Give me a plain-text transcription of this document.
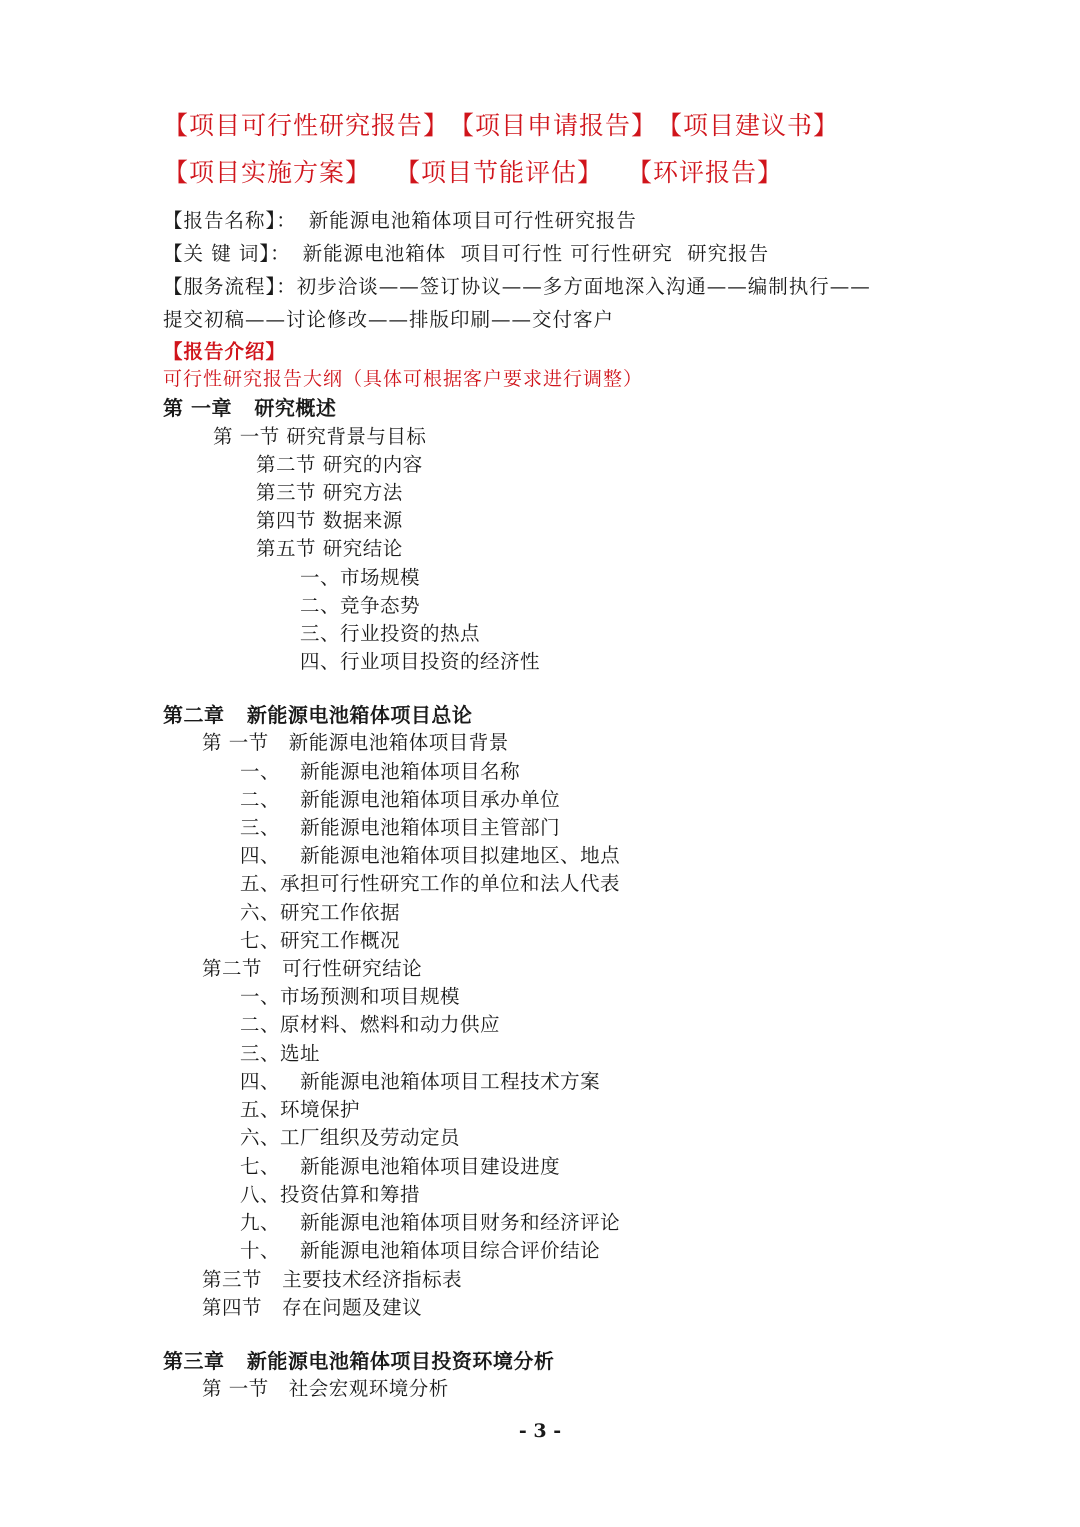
【项目可行性研究报告】【项目申请报告】【项目建议书】
【项目实施方案】 【项目节能评估】 【环评报告】
【报告名称】： 新能源电池箱体项目可行性研究报告
【关 键 词】： 新能源电池箱体  项目可行性 可行性研究  研究报告
【服务流程】：初步洽谈——签订协议——多方面地深入沟通——编制执行——
提交初稿——讨论修改——排版印刷——交付客户
【报告介绍】
可行性研究报告大纲（具体可根据客户要求进行调整）
第 一章   研究概述
第 一节 研究背景与目标
第二节 研究的内容
第三节 研究方法
第四节 数据来源
第五节 研究结论
一、市场规模
二、竞争态势
三、行业投资的热点
四、行业项目投资的经济性
第二章   新能源电池箱体项目总论
第 一节   新能源电池箱体项目背景
一、   新能源电池箱体项目名称
二、   新能源电池箱体项目承办单位
三、   新能源电池箱体项目主管部门
四、   新能源电池箱体项目拟建地区、地点
五、承担可行性研究工作的单位和法人代表
六、研究工作依据
七、研究工作概况
第二节   可行性研究结论
一、市场预测和项目规模
二、原材料、燃料和动力供应
三、选址
四、   新能源电池箱体项目工程技术方案
五、环境保护
六、工厂组织及劳动定员
七、   新能源电池箱体项目建设进度
八、投资估算和筹措
九、   新能源电池箱体项目财务和经济评论
十、   新能源电池箱体项目综合评价结论
第三节   主要技术经济指标表
第四节   存在问题及建议
第三章   新能源电池箱体项目投资环境分析
第 一节   社会宏观环境分析
- 3 -
